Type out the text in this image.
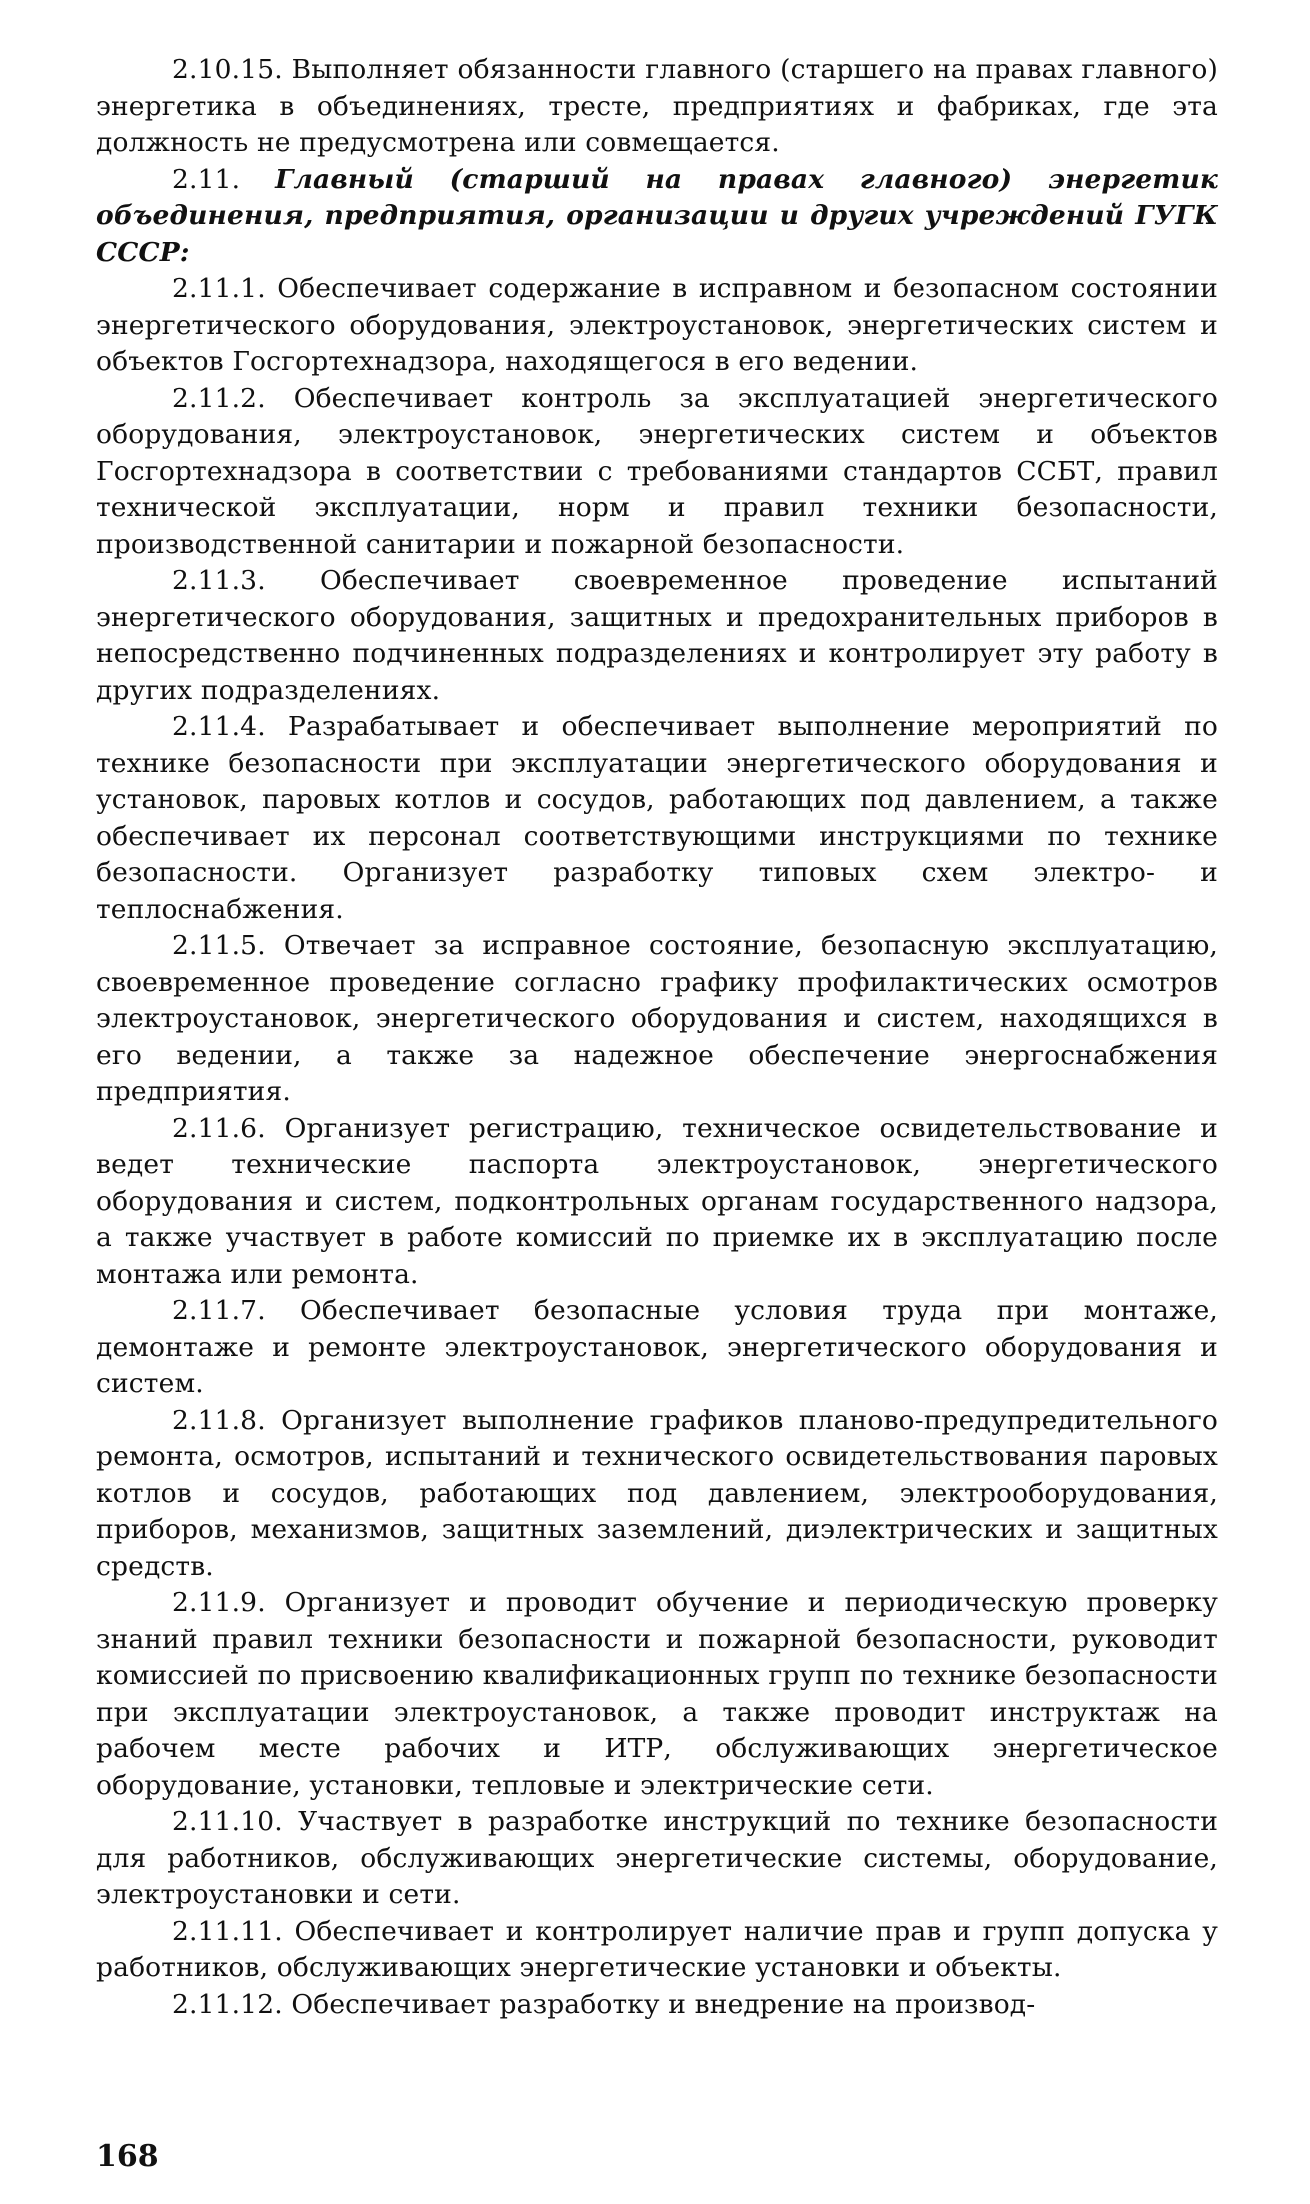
2.10.15. Выполняет обязанности главного (старшего на правах главного) энергетика в объединениях, тресте, предприятиях и фабриках, где эта должность не предусмотрена или совмещается.

2.11. Главный (старший на правах главного) энергетик объединения, предприятия, организации и других учреждений ГУГК СССР:

2.11.1. Обеспечивает содержание в исправном и безопасном состоянии энергетического оборудования, электроустановок, энергетических систем и объектов Госгортехнадзора, находящегося в его ведении.

2.11.2. Обеспечивает контроль за эксплуатацией энергетического оборудования, электроустановок, энергетических систем и объектов Госгортехнадзора в соответствии с требованиями стандартов ССБТ, правил технической эксплуатации, норм и правил техники безопасности, производственной санитарии и пожарной безопасности.

2.11.3. Обеспечивает своевременное проведение испытаний энергетического оборудования, защитных и предохранительных приборов в непосредственно подчиненных подразделениях и контролирует эту работу в других подразделениях.

2.11.4. Разрабатывает и обеспечивает выполнение мероприятий по технике безопасности при эксплуатации энергетического оборудования и установок, паровых котлов и сосудов, работающих под давлением, а также обеспечивает их персонал соответствующими инструкциями по технике безопасности. Организует разработку типовых схем электро- и теплоснабжения.

2.11.5. Отвечает за исправное состояние, безопасную эксплуатацию, своевременное проведение согласно графику профилактических осмотров электроустановок, энергетического оборудования и систем, находящихся в его ведении, а также за надежное обеспечение энергоснабжения предприятия.

2.11.6. Организует регистрацию, техническое освидетельствование и ведет технические паспорта электроустановок, энергетического оборудования и систем, подконтрольных органам государственного надзора, а также участвует в работе комиссий по приемке их в эксплуатацию после монтажа или ремонта.

2.11.7. Обеспечивает безопасные условия труда при монтаже, демонтаже и ремонте электроустановок, энергетического оборудования и систем.

2.11.8. Организует выполнение графиков планово-предупредительного ремонта, осмотров, испытаний и технического освидетельствования паровых котлов и сосудов, работающих под давлением, электрооборудования, приборов, механизмов, защитных заземлений, диэлектрических и защитных средств.

2.11.9. Организует и проводит обучение и периодическую проверку знаний правил техники безопасности и пожарной безопасности, руководит комиссией по присвоению квалификационных групп по технике безопасности при эксплуатации электроустановок, а также проводит инструктаж на рабочем месте рабочих и ИТР, обслуживающих энергетическое оборудование, установки, тепловые и электрические сети.

2.11.10. Участвует в разработке инструкций по технике безопасности для работников, обслуживающих энергетические системы, оборудование, электроустановки и сети.

2.11.11. Обеспечивает и контролирует наличие прав и групп допуска у работников, обслуживающих энергетические установки и объекты.

2.11.12. Обеспечивает разработку и внедрение на производ-

168
